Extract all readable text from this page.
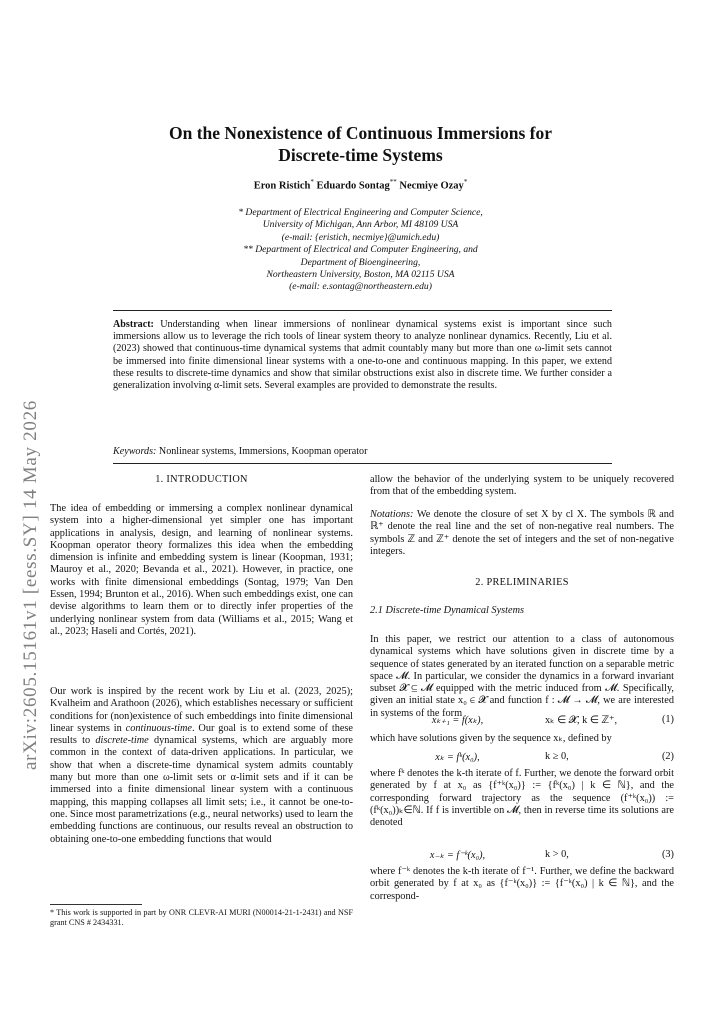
arXiv:2605.15161v1 [eess.SY] 14 May 2026
On the Nonexistence of Continuous Immersions for Discrete-time Systems
Eron Ristich* Eduardo Sontag** Necmiye Ozay*
* Department of Electrical Engineering and Computer Science,
University of Michigan, Ann Arbor, MI 48109 USA
(e-mail: {eristich, necmiye}@umich.edu)
** Department of Electrical and Computer Engineering, and
Department of Bioengineering,
Northeastern University, Boston, MA 02115 USA
(e-mail: e.sontag@northeastern.edu)
Abstract: Understanding when linear immersions of nonlinear dynamical systems exist is important since such immersions allow us to leverage the rich tools of linear system theory to analyze nonlinear dynamics. Recently, Liu et al. (2023) showed that continuous-time dynamical systems that admit countably many but more than one ω-limit sets cannot be immersed into finite dimensional linear systems with a one-to-one and continuous mapping. In this paper, we extend these results to discrete-time dynamics and show that similar obstructions exist also in discrete time. We further consider a generalization involving α-limit sets. Several examples are provided to demonstrate the results.
Keywords: Nonlinear systems, Immersions, Koopman operator
1. INTRODUCTION
The idea of embedding or immersing a complex nonlinear dynamical system into a higher-dimensional yet simpler one has important applications in analysis, design, and learning of nonlinear systems. Koopman operator theory formalizes this idea when the embedding dimension is infinite and embedding system is linear (Koopman, 1931; Mauroy et al., 2020; Bevanda et al., 2021). However, in practice, one works with finite dimensional embeddings (Sontag, 1979; Van Den Essen, 1994; Brunton et al., 2016). When such embeddings exist, one can devise algorithms to learn them or to directly infer properties of the underlying nonlinear system from data (Williams et al., 2015; Wang et al., 2023; Haseli and Cortés, 2021).
Our work is inspired by the recent work by Liu et al. (2023, 2025); Kvalheim and Arathoon (2026), which establishes necessary or sufficient conditions for (non)existence of such embeddings into finite dimensional linear systems in continuous-time. Our goal is to extend some of these results to discrete-time dynamical systems, which are arguably more common in the context of data-driven applications. In particular, we show that when a discrete-time dynamical system admits countably many but more than one ω-limit sets or α-limit sets and if it can be immersed into a finite dimensional linear system with a continuous mapping, this mapping collapses all limit sets; i.e., it cannot be one-to-one. Since most parametrizations (e.g., neural networks) used to learn the embedding functions are continuous, our results reveal an obstruction to obtaining one-to-one embedding functions that would
* This work is supported in part by ONR CLEVR-AI MURI (N00014-21-1-2431) and NSF grant CNS # 2434331.
allow the behavior of the underlying system to be uniquely recovered from that of the embedding system.
Notations: We denote the closure of set X by cl X. The symbols ℝ and ℝ⁺ denote the real line and the set of non-negative real numbers. The symbols ℤ and ℤ⁺ denote the set of integers and the set of non-negative integers.
2. PRELIMINARIES
2.1 Discrete-time Dynamical Systems
In this paper, we restrict our attention to a class of autonomous dynamical systems which have solutions given in discrete time by a sequence of states generated by an iterated function on a separable metric space 𝓜. In particular, we consider the dynamics in a forward invariant subset 𝓧 ⊆ 𝓜 equipped with the metric induced from 𝓜. Specifically, given an initial state x₀ ∈ 𝓧 and function f : 𝓜 → 𝓜, we are interested in systems of the form
xₖ₊₁ = f(xₖ),	xₖ ∈ 𝓧, k ∈ ℤ⁺,	(1)
which have solutions given by the sequence xₖ, defined by
xₖ = fᵏ(x₀),	k ≥ 0,	(2)
where fᵏ denotes the k-th iterate of f. Further, we denote the forward orbit generated by f at x₀ as {f⁺ᵏ(x₀)} := {fᵏ(x₀) | k ∈ ℕ}, and the corresponding forward trajectory as the sequence (f⁺ᵏ(x₀)) := (fᵏ(x₀))ₖ∈ℕ. If f is invertible on 𝓜, then in reverse time its solutions are denoted
x₋ₖ = f⁻ᵏ(x₀),	k > 0,	(3)
where f⁻ᵏ denotes the k-th iterate of f⁻¹. Further, we define the backward orbit generated by f at x₀ as {f⁻ᵏ(x₀)} := {f⁻ᵏ(x₀) | k ∈ ℕ}, and the correspond-
